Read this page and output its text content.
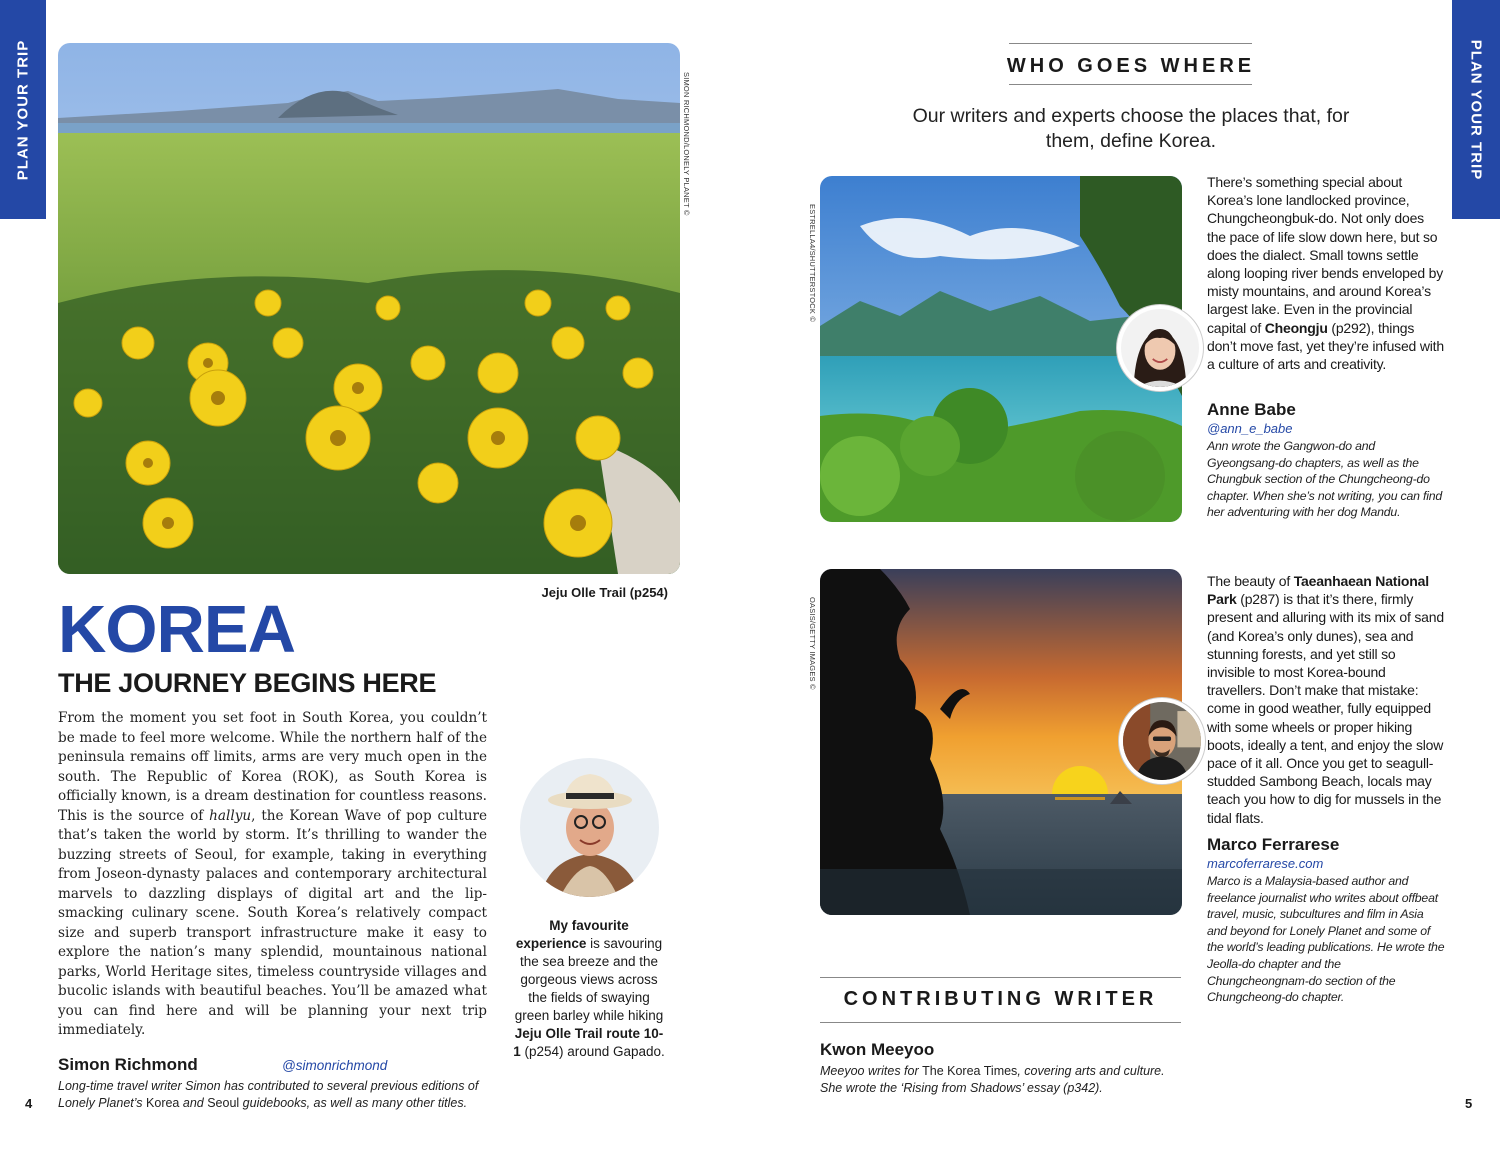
PLAN YOUR TRIP	PLAN YOUR TRIP
SIMON RICHMOND/LONELY PLANET ©
Jeju Olle Trail (p254)
KOREA
THE JOURNEY BEGINS HERE
From the moment you set foot in South Korea, you couldn’t be made to feel more welcome. While the northern half of the peninsula remains off limits, arms are very much open in the south. The Republic of Korea (ROK), as South Korea is officially known, is a dream destination for countless reasons. This is the source of hallyu, the Korean Wave of pop culture that’s taken the world by storm. It’s thrilling to wander the buzzing streets of Seoul, for example, taking in everything from Joseon-dynasty palaces and contemporary architectural marvels to dazzling displays of digital art and the lip-smacking culinary scene. South Korea’s relatively compact size and superb transport infrastructure make it easy to explore the nation’s many splendid, mountainous national parks, World Heritage sites, timeless countryside villages and bucolic islands with beautiful beaches. You’ll be amazed what you can find here and will be planning your next trip immediately.
Simon Richmond	@simonrichmond
Long-time travel writer Simon has contributed to several previous editions of Lonely Planet’s Korea and Seoul guidebooks, as well as many other titles.
My favourite experience is savouring the sea breeze and the gorgeous views across the fields of swaying green barley while hiking Jeju Olle Trail route 10-1 (p254) around Gapado.
4
WHO GOES WHERE
Our writers and experts choose the places that, for them, define Korea.
ESTRELLA4/SHUTTERSTOCK ©
There’s something special about Korea’s lone landlocked province, Chungcheongbuk-do. Not only does the pace of life slow down here, but so does the dialect. Small towns settle along looping river bends enveloped by misty mountains, and around Korea’s largest lake. Even in the provincial capital of Cheongju (p292), things don’t move fast, yet they’re infused with a culture of arts and creativity.
Anne Babe
@ann_e_babe
Ann wrote the Gangwon-do and Gyeongsang-do chapters, as well as the Chungbuk section of the Chungcheong-do chapter. When she’s not writing, you can find her adventuring with her dog Mandu.
OASIS/GETTY IMAGES ©
The beauty of Taeanhaean National Park (p287) is that it’s there, firmly present and alluring with its mix of sand (and Korea’s only dunes), sea and stunning forests, and yet still so invisible to most Korea-bound travellers. Don’t make that mistake: come in good weather, fully equipped with some wheels or proper hiking boots, ideally a tent, and enjoy the slow pace of it all. Once you get to seagull-studded Sambong Beach, locals may teach you how to dig for mussels in the tidal flats.
Marco Ferrarese
marcoferrarese.com
Marco is a Malaysia-based author and freelance journalist who writes about offbeat travel, music, subcultures and film in Asia and beyond for Lonely Planet and some of the world’s leading publications. He wrote the Jeolla-do chapter and the Chungcheongnam-do section of the Chungcheong-do chapter.
CONTRIBUTING WRITER
Kwon Meeyoo
Meeyoo writes for The Korea Times, covering arts and culture. She wrote the ‘Rising from Shadows’ essay (p342).
5
